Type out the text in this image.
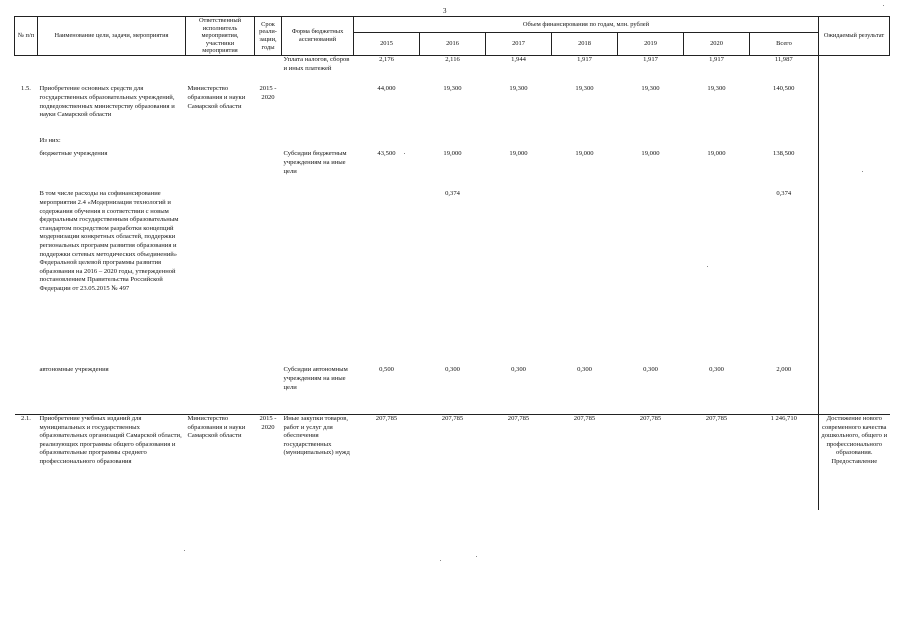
3
№ п/п	Наименование цели, задачи, мероприятия	Ответственный исполнитель мероприятия, участники мероприятия	Срок реали-зации, годы	Форма бюджетных ассигнований	Объем финансирования по годам, млн. рублей							Ожидаемый результат
					2015	2016	2017	2018	2019	2020	Всего	
				Уплата налогов, сборов и иных платежей	2,176	2,116	1,944	1,917	1,917	1,917	11,987	
1.5.	Приобретение основных средств для государственных образовательных учреждений, подведомственных министерству образования и науки Самарской области	Министерство образования и науки Самарской области	2015 - 2020		44,000	19,300	19,300	19,300	19,300	19,300	140,500	
	Из них:											
	бюджетные учреждения			Субсидии бюджетным учреждениям на иные цели	43,500	19,000	19,000	19,000	19,000	19,000	138,500	
	В том числе расходы на софинансирование мероприятия 2.4 «Модернизация технологий и содержания обучения в соответствии с новым федеральным государственным образовательным стандартом посредством разработки концепций модернизации конкретных областей, поддержки региональных программ развития образования и поддержки сетевых методических объединений» Федеральной целевой программы развития образования на 2016 – 2020 годы, утвержденной постановлением Правительства Российской Федерации от 23.05.2015 № 497					0,374					0,374	
	автономные учреждения			Субсидии автономным учреждениям на иные цели	0,500	0,300	0,300	0,300	0,300	0,300	2,000	
2.1.	Приобретение учебных изданий для муниципальных и государственных образовательных организаций Самарской области, реализующих программы общего образования и образовательные программы среднего профессионального образования	Министерство образования и науки Самарской области	2015 - 2020	Иные закупки товаров, работ и услуг для обеспечения государственных (муниципальных) нужд	207,785	207,785	207,785	207,785	207,785	207,785	1 246,710	Достижение нового современного качества дошкольного, общего и профессионального образования. Предоставление
